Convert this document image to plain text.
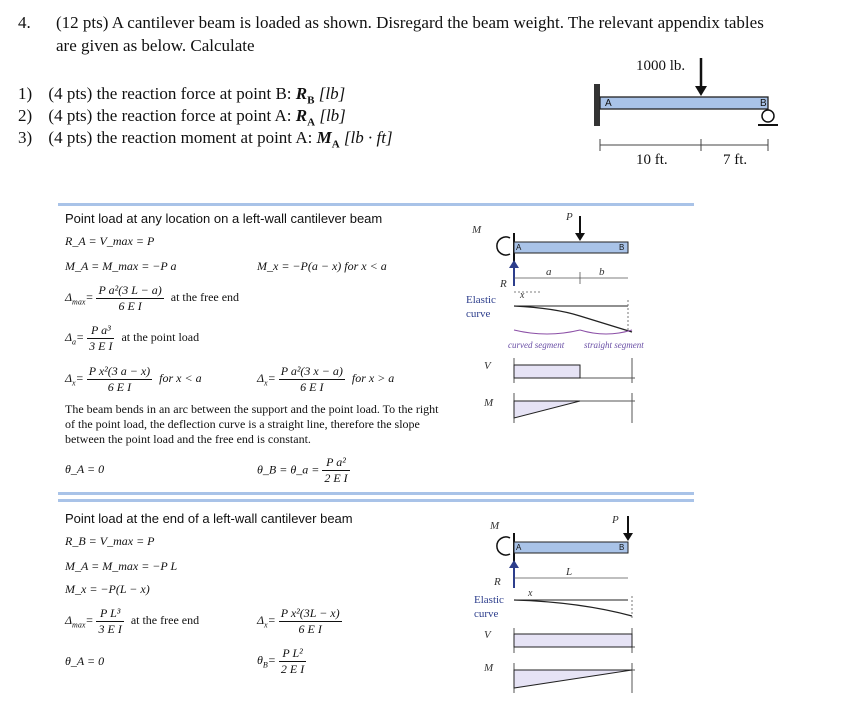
4. (12 pts) A cantilever beam is loaded as shown. Disregard the beam weight. The relevant appendix tables
are given as below. Calculate
1) (4 pts) the reaction force at point B: $R_B$ [lb]
2) (4 pts) the reaction force at point A: $R_A$ [lb]
3) (4 pts) the reaction moment at point A: $M_A$ [lb · ft]
A	B
1000 lb.
10 ft.	7 ft.
Point load at any location on a left-wall cantilever beam
R_A = V_max = P
M_A = M_max = −P a	M_x = −P(a − x) for x < a
$\Delta_{max}= \frac{\text{P a²(3 L − a)}}{\text{6 E I}}$ at the free end
$\Delta_a= \frac{\text{P a³}}{\text{3 E I}}$ at the point load
$\Delta_x= \frac{\text{P x²(3 a − x)}}{\text{6 E I}}$ for x < a	$\Delta_x= \frac{\text{P a²(3 x − a)}}{\text{6 E I}}$ for x > a
The beam bends in an arc between the support and the point load. To the right of the point load, the deflection curve is a straight line, therefore the slope between the point load and the free end is constant.
θ_A = 0	θ_B = θ_a = $\frac{\text{P a²}}{\text{2 E I}}$
M
P
A	B
a	b
R
x
Elastic
curve
curved segment straight segment
V
M
Point load at the end of a left-wall cantilever beam
R_B = V_max = P
M_A = M_max = −P L
M_x = −P(L − x)
$\Delta_{max}= \frac{\text{P L³}}{\text{3 E I}}$ at the free end	$\Delta_x= \frac{\text{P x²(3L − x)}}{\text{6 E I}}$
θ_A = 0	$\theta_B= \frac{\text{P L²}}{\text{2 E I}}$
M	P
A	B
L
R
x
Elastic
curve
V
M
